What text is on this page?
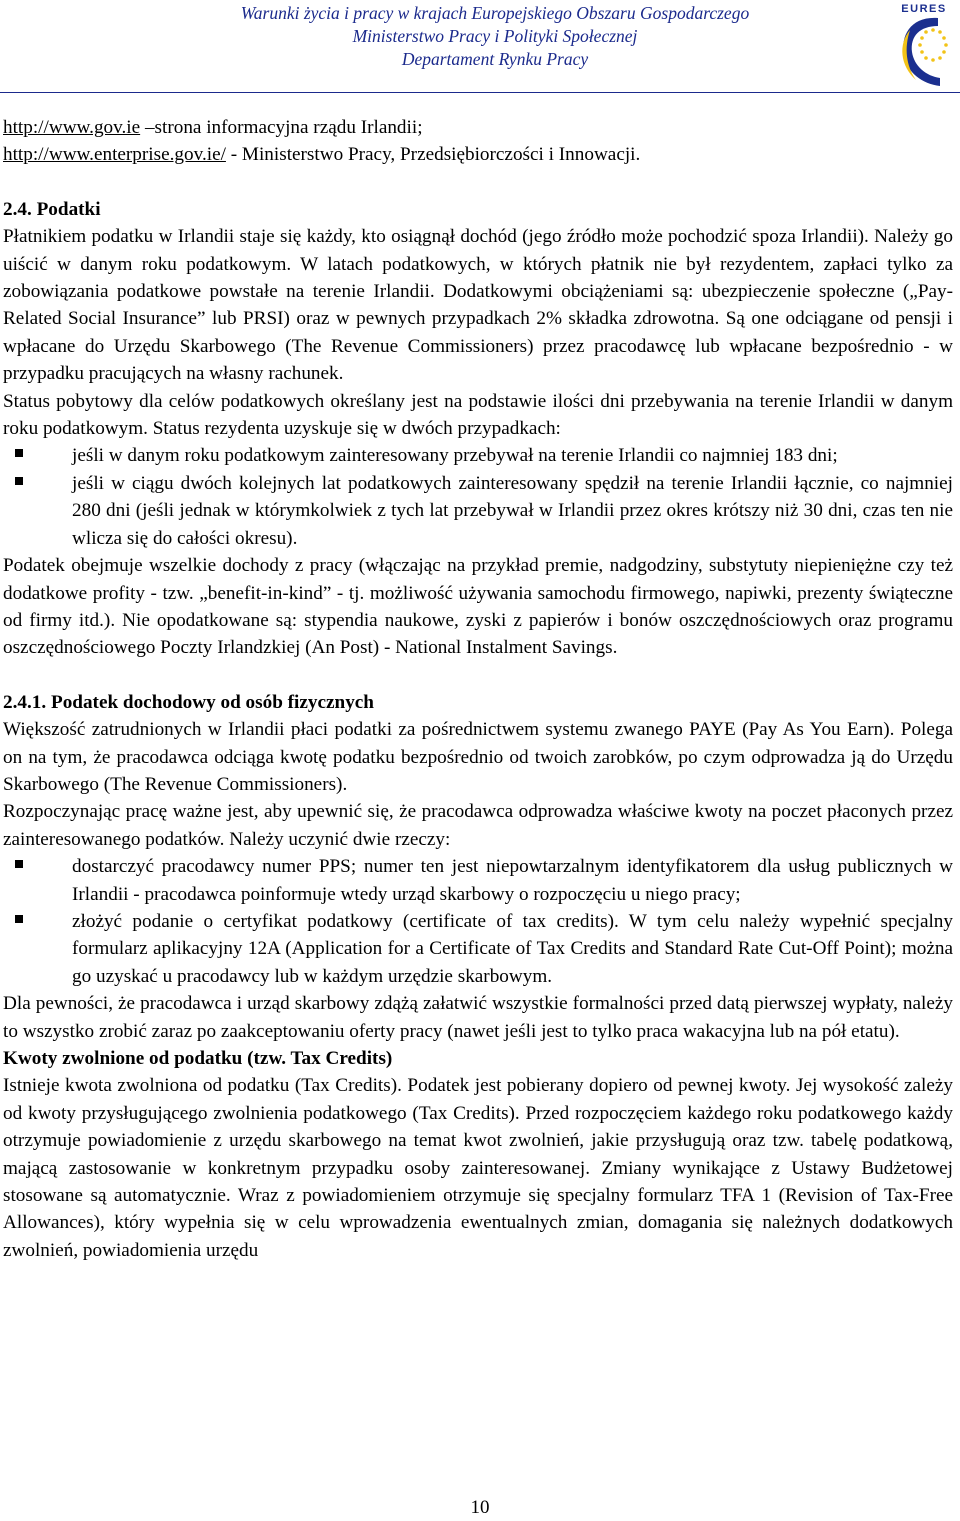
Warunki życia i pracy w krajach Europejskiego Obszaru Gospodarczego
Ministerstwo Pracy i Polityki Społecznej
Departament Rynku Pracy
EURES

http://www.gov.ie –strona informacyjna rządu Irlandii;

http://www.enterprise.gov.ie/ - Ministerstwo Pracy, Przedsiębiorczości i Innowacji.

2.4. Podatki

Płatnikiem podatku w Irlandii staje się każdy, kto osiągnął dochód (jego źródło może pochodzić spoza Irlandii). Należy go uiścić w danym roku podatkowym. W latach podatkowych, w których płatnik nie był rezydentem, zapłaci tylko za zobowiązania podatkowe powstałe na terenie Irlandii. Dodatkowymi obciążeniami są: ubezpieczenie społeczne („Pay-Related Social Insurance” lub PRSI) oraz w pewnych przypadkach 2% składka zdrowotna. Są one odciągane od pensji i wpłacane do Urzędu Skarbowego (The Revenue Commissioners) przez pracodawcę lub wpłacane bezpośrednio - w przypadku pracujących na własny rachunek.

Status pobytowy dla celów podatkowych określany jest na podstawie ilości dni przebywania na terenie Irlandii w danym roku podatkowym. Status rezydenta uzyskuje się w dwóch przypadkach:

jeśli w danym roku podatkowym zainteresowany przebywał na terenie Irlandii co najmniej 183 dni;
jeśli w ciągu dwóch kolejnych lat podatkowych zainteresowany spędził na terenie Irlandii łącznie, co najmniej 280 dni (jeśli jednak w którymkolwiek z tych lat przebywał w Irlandii przez okres krótszy niż 30 dni, czas ten nie wlicza się do całości okresu).

Podatek obejmuje wszelkie dochody z pracy (włączając na przykład premie, nadgodziny, substytuty niepieniężne czy też dodatkowe profity - tzw. „benefit-in-kind” - tj. możliwość używania samochodu firmowego, napiwki, prezenty świąteczne od firmy itd.). Nie opodatkowane są: stypendia naukowe, zyski z papierów i bonów oszczędnościowych oraz programu oszczędnościowego Poczty Irlandzkiej (An Post) - National Instalment Savings.

2.4.1. Podatek dochodowy od osób fizycznych

Większość zatrudnionych w Irlandii płaci podatki za pośrednictwem systemu zwanego PAYE (Pay As You Earn). Polega on na tym, że pracodawca odciąga kwotę podatku bezpośrednio od twoich zarobków, po czym odprowadza ją do Urzędu Skarbowego (The Revenue Commissioners).

Rozpoczynając pracę ważne jest, aby upewnić się, że pracodawca odprowadza właściwe kwoty na poczet płaconych przez zainteresowanego podatków. Należy uczynić dwie rzeczy:

dostarczyć pracodawcy numer PPS; numer ten jest niepowtarzalnym identyfikatorem dla usług publicznych w Irlandii - pracodawca poinformuje wtedy urząd skarbowy o rozpoczęciu u niego pracy;
złożyć podanie o certyfikat podatkowy (certificate of tax credits). W tym celu należy wypełnić specjalny formularz aplikacyjny 12A (Application for a Certificate of Tax Credits and Standard Rate Cut-Off Point); można go uzyskać u pracodawcy lub w każdym urzędzie skarbowym.

Dla pewności, że pracodawca i urząd skarbowy zdążą załatwić wszystkie formalności przed datą pierwszej wypłaty, należy to wszystko zrobić zaraz po zaakceptowaniu oferty pracy (nawet jeśli jest to tylko praca wakacyjna lub na pół etatu).

Kwoty zwolnione od podatku (tzw. Tax Credits)

Istnieje kwota zwolniona od podatku (Tax Credits). Podatek jest pobierany dopiero od pewnej kwoty. Jej wysokość zależy od kwoty przysługującego zwolnienia podatkowego (Tax Credits). Przed rozpoczęciem każdego roku podatkowego każdy otrzymuje powiadomienie z urzędu skarbowego na temat kwot zwolnień, jakie przysługują oraz tzw. tabelę podatkową, mającą zastosowanie w konkretnym przypadku osoby zainteresowanej. Zmiany wynikające z Ustawy Budżetowej stosowane są automatycznie. Wraz z powiadomieniem otrzymuje się specjalny formularz TFA 1 (Revision of Tax-Free Allowances), który wypełnia się w celu wprowadzenia ewentualnych zmian, domagania się należnych dodatkowych zwolnień, powiadomienia urzędu

10
